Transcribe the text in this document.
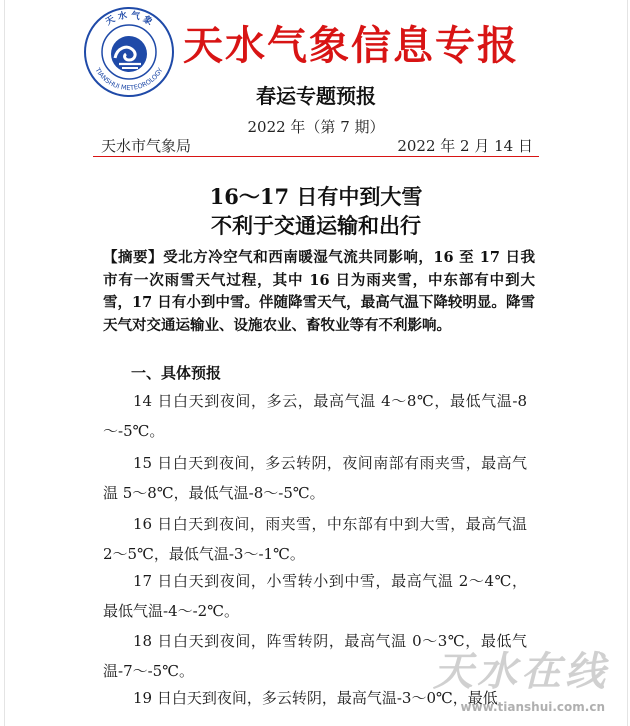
天 水 气 象
TIANSHUI METEOROLOGY
天水气象信息专报
春运专题预报
2022 年（第 7 期）
天水市气象局	2022 年 2 月 14 日
16～17 日有中到大雪
不利于交通运输和出行
【摘要】受北方冷空气和西南暖湿气流共同影响，16 至 17 日我市有一次雨雪天气过程，其中 16 日为雨夹雪，中东部有中到大雪，17 日有小到中雪。伴随降雪天气，最高气温下降较明显。降雪天气对交通运输业、设施农业、畜牧业等有不利影响。
一、具体预报
14 日白天到夜间，多云，最高气温 4～8℃，最低气温-8～-5℃。
15 日白天到夜间，多云转阴，夜间南部有雨夹雪，最高气温 5～8℃，最低气温-8～-5℃。
16 日白天到夜间，雨夹雪，中东部有中到大雪，最高气温 2～5℃，最低气温-3～-1℃。
17 日白天到夜间，小雪转小到中雪，最高气温 2～4℃，最低气温-4～-2℃。
18 日白天到夜间，阵雪转阴，最高气温 0～3℃，最低气温-7～-5℃。
19 日白天到夜间，多云转阴，最高气温-3～0℃，最低
天水在线
www.tianshui.com.cn
